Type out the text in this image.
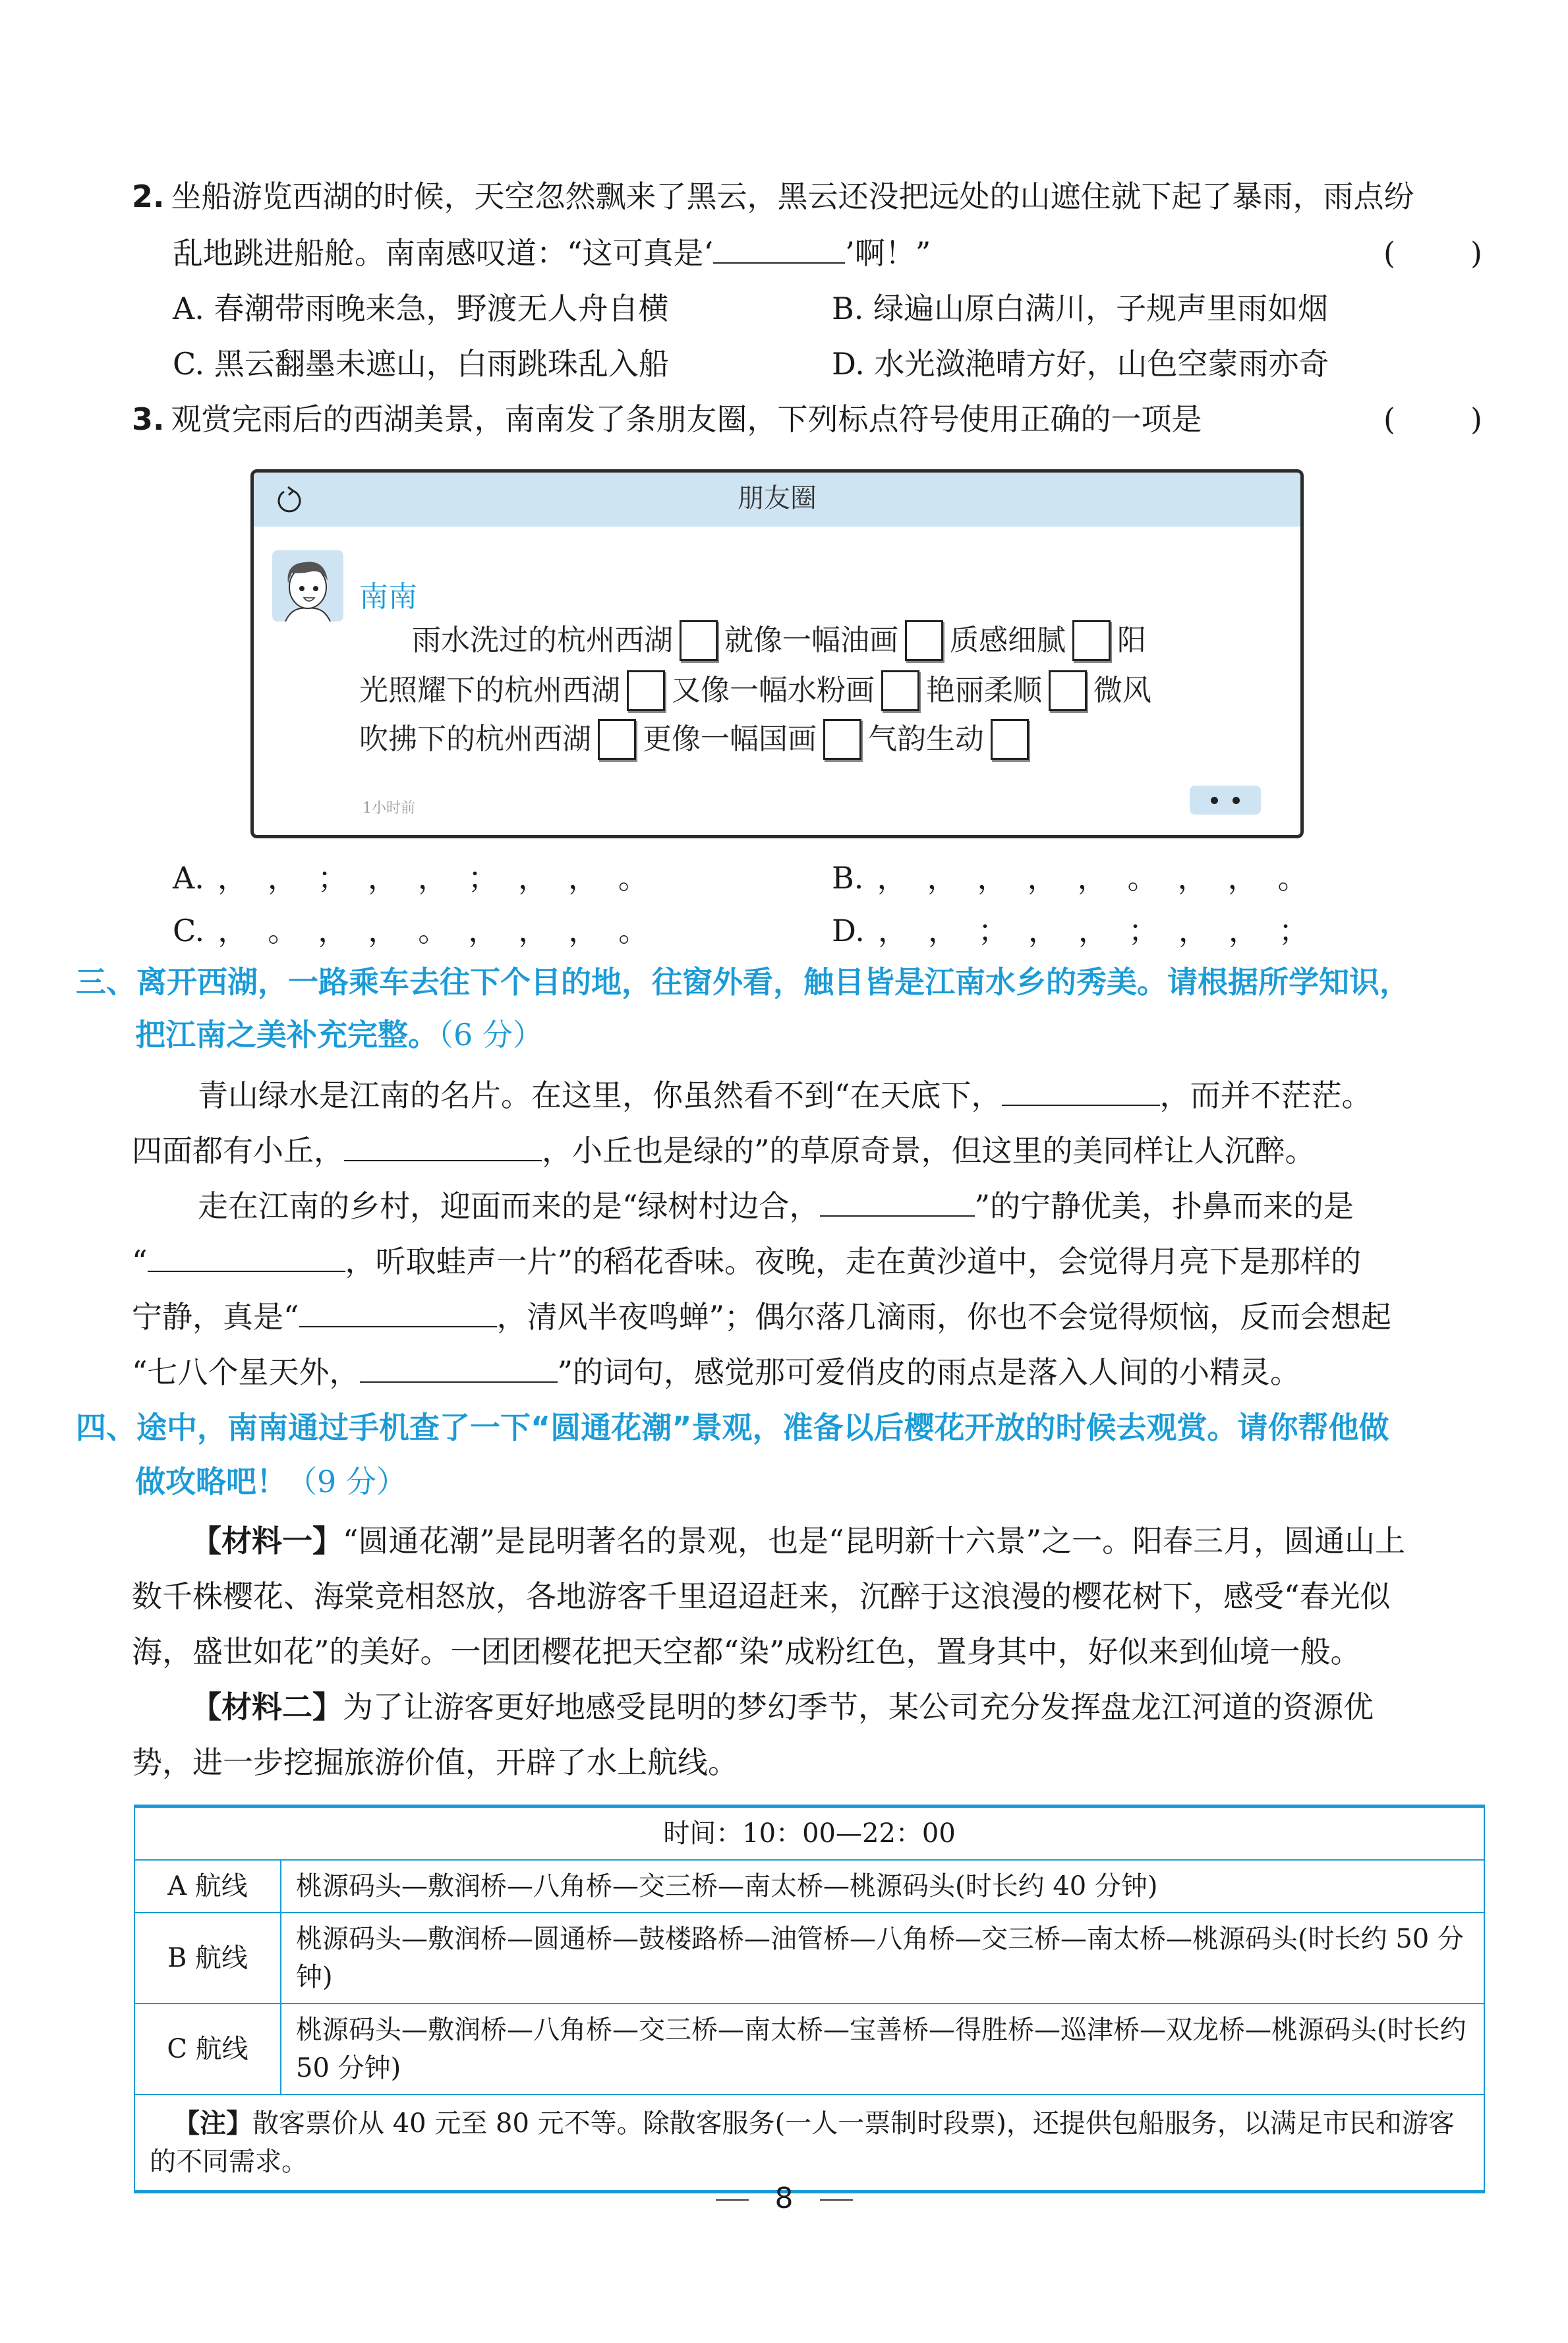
2. 坐船游览西湖的时候，天空忽然飘来了黑云，黑云还没把远处的山遮住就下起了暴雨，雨点纷
乱地跳进船舱。南南感叹道：“这可真是‘	’啊！”	( )
A. 春潮带雨晚来急，野渡无人舟自横	B. 绿遍山原白满川，子规声里雨如烟
C. 黑云翻墨未遮山，白雨跳珠乱入船	D. 水光潋滟晴方好，山色空蒙雨亦奇
3. 观赏完雨后的西湖美景，南南发了条朋友圈，下列标点符号使用正确的一项是	( )
朋友圈
南南
雨水洗过的杭州西湖 就像一幅油画 质感细腻 阳
光照耀下的杭州西湖 又像一幅水粉画 艳丽柔顺 微风
吹拂下的杭州西湖 更像一幅国画 气韵生动
1小时前
A. ， ， ； ， ， ； ， ， 。	B. ， ， ， ， ， 。 ， ， 。
C. ， 。 ， ， 。 ， ， ， 。	D. ， ， ； ， ， ； ， ， ；
三、离开西湖，一路乘车去往下个目的地，往窗外看，触目皆是江南水乡的秀美。请根据所学知识，
把江南之美补充完整。（6 分）
青山绿水是江南的名片。在这里，你虽然看不到“在天底下，	，而并不茫茫。
四面都有小丘，	，小丘也是绿的”的草原奇景，但这里的美同样让人沉醉。
走在江南的乡村，迎面而来的是“绿树村边合，	”的宁静优美，扑鼻而来的是
“	，听取蛙声一片”的稻花香味。夜晚，走在黄沙道中，会觉得月亮下是那样的
宁静，真是“	，清风半夜鸣蝉”；偶尔落几滴雨，你也不会觉得烦恼，反而会想起
“七八个星天外，	”的词句，感觉那可爱俏皮的雨点是落入人间的小精灵。
四、途中，南南通过手机查了一下“圆通花潮”景观，准备以后樱花开放的时候去观赏。请你帮他做
做攻略吧！（9 分）
【材料一】“圆通花潮”是昆明著名的景观，也是“昆明新十六景”之一。阳春三月，圆通山上
数千株樱花、海棠竞相怒放，各地游客千里迢迢赶来，沉醉于这浪漫的樱花树下，感受“春光似
海，盛世如花”的美好。一团团樱花把天空都“染”成粉红色，置身其中，好似来到仙境一般。
【材料二】为了让游客更好地感受昆明的梦幻季节，某公司充分发挥盘龙江河道的资源优
势，进一步挖掘旅游价值，开辟了水上航线。
时间：10：00—22：00	
A 航线	桃源码头—敷润桥—八角桥—交三桥—南太桥—桃源码头(时长约 40 分钟)
B 航线	桃源码头—敷润桥—圆通桥—鼓楼路桥—油管桥—八角桥—交三桥—南太桥—桃源码头(时长约 50 分钟)
C 航线	桃源码头—敷润桥—八角桥—交三桥—南太桥—宝善桥—得胜桥—巡津桥—双龙桥—桃源码头(时长约 50 分钟)
【注】散客票价从 40 元至 80 元不等。除散客服务(一人一票制时段票)，还提供包船服务，以满足市民和游客的不同需求。	
8
